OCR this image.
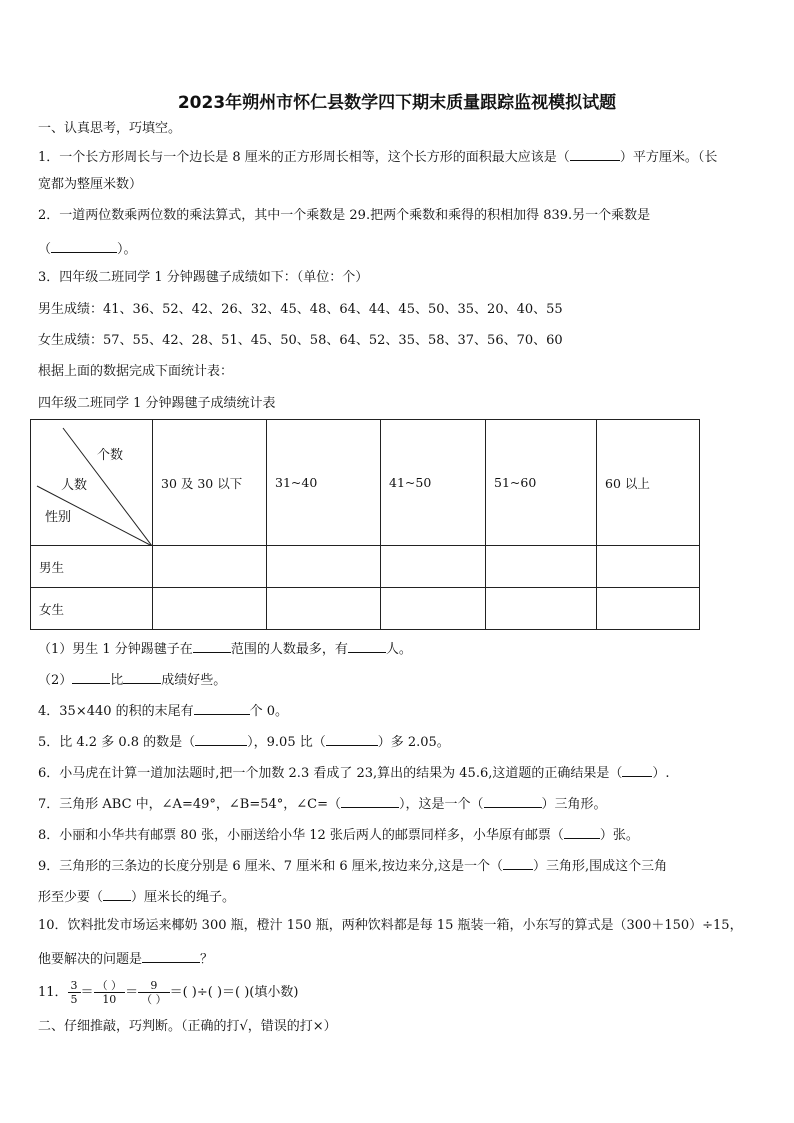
2023年朔州市怀仁县数学四下期末质量跟踪监视模拟试题
一、认真思考，巧填空。
1．一个长方形周长与一个边长是 8 厘米的正方形周长相等，这个长方形的面积最大应该是（	）平方厘米。（长
宽都为整厘米数）
2．一道两位数乘两位数的乘法算式，其中一个乘数是 29.把两个乘数和乘得的积相加得 839.另一个乘数是
（	）。
3．四年级二班同学 1 分钟踢毽子成绩如下：（单位：个）
男生成绩：41、36、52、42、26、32、45、48、64、44、45、50、35、20、40、55
女生成绩：57、55、42、28、51、45、50、58、64、52、35、58、37、56、70、60
根据上面的数据完成下面统计表：
四年级二班同学 1 分钟踢毽子成绩统计表
个数
人数
性别	30 及 30 以下	31~40	41~50	51~60	60 以上
男生					
女生					
（1）男生 1 分钟踢毽子在	范围的人数最多，有	人。
（2）	比	成绩好些。
4．35×440 的积的末尾有	个 0。
5．比 4.2 多 0.8 的数是（	），9.05 比（	）多 2.05。
6．小马虎在计算一道加法题时,把一个加数 2.3 看成了 23,算出的结果为 45.6,这道题的正确结果是（ ）.
7．三角形 ABC 中，∠A=49°，∠B=54°，∠C=（	），这是一个（	）三角形。
8．小丽和小华共有邮票 80 张，小丽送给小华 12 张后两人的邮票同样多，小华原有邮票（	）张。
9．三角形的三条边的长度分别是 6 厘米、7 厘米和 6 厘米,按边来分,这是一个（ ）三角形,围成这个三角
形至少要（ ）厘米长的绳子。
10．饮料批发市场运来椰奶 300 瓶，橙汁 150 瓶，两种饮料都是每 15 瓶装一箱，小东写的算式是（300＋150）÷15，
他要解决的问题是	？
11． $\frac{3}{5} = \frac{( )}{10} = \frac{9}{( )}$ ＝( )÷( )＝( )(填小数)
二、仔细推敲，巧判断。（正确的打√，错误的打×）
